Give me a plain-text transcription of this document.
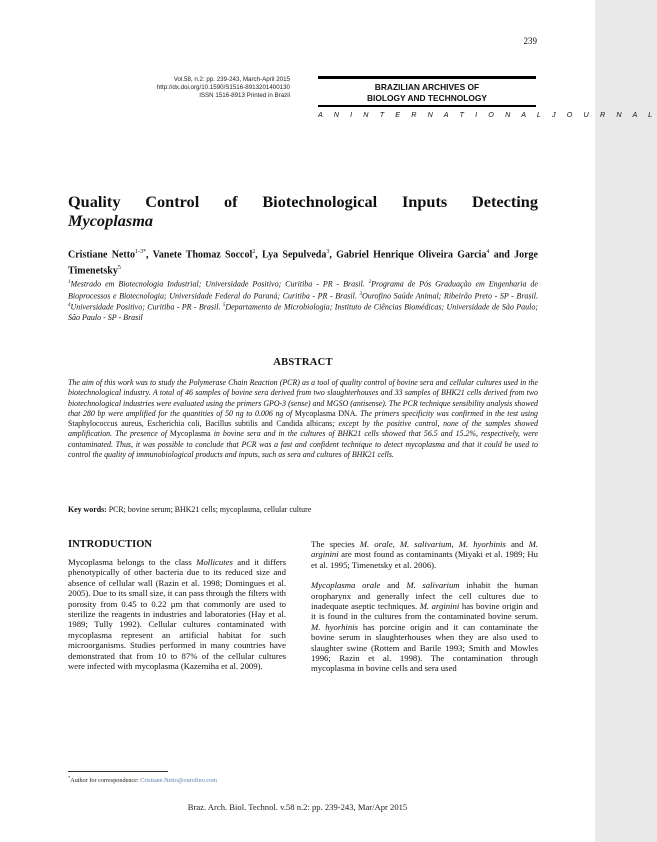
239
Vol.58, n.2: pp. 239-243, March-April 2015
http://dx.doi.org/10.1590/S1516-8913201400130
ISSN 1516-8913 Printed in Brazil
BRAZILIAN ARCHIVES OF
BIOLOGY AND TECHNOLOGY
A N I N T E R N A T I O N A L J O U R N A L
Quality Control of Biotechnological Inputs Detecting
Mycoplasma
Cristiane Netto$^{1-3*}$, Vanete Thomaz Soccol$^2$, Lya Sepulveda$^3$, Gabriel Henrique Oliveira Garcia$^4$ and Jorge Timenetsky$^5$
$^1$Mestrado em Biotecnologia Industrial; Universidade Positivo; Curitiba - PR - Brasil. $^2$Programa de Pós Graduação em Engenharia de Bioprocessos e Biotecnologia; Universidade Federal do Paraná; Curitiba - PR - Brasil. $^3$Ourofino Saúde Animal; Ribeirão Preto - SP - Brasil. $^4$Universidade Positivo; Curitiba - PR - Brasil. $^5$Departamento de Microbiologia; Instituto de Ciências Biomédicas; Universidade de São Paulo; São Paulo - SP - Brasil
ABSTRACT
The aim of this work was to study the Polymerase Chain Reaction (PCR) as a tool of quality control of bovine sera and cellular cultures used in the biotechnological industry. A total of 46 samples of bovine sera derived from two slaughterhouses and 33 samples of BHK21 cells derived from two biotechnological industries were evaluated using the primers GPO-3 (sense) and MGSO (antisense). The PCR technique sensibility analysis showed that 280 bp were amplified for the quantities of 50 ng to 0.006 ng of Mycoplasma DNA. The primers specificity was confirmed in the test using Staphylococcus aureus, Escherichia coli, Bacillus subtilis and Candida albicans; except by the positive control, none of the samples showed amplification. The presence of Mycoplasma in bovine sera and in the cultures of BHK21 cells showed that 56.5 and 15.2%, respectively, were contaminated. Thus, it was possible to conclude that PCR was a fast and confident technique to detect mycoplasma and that it could be used to control the quality of immunobiological products and inputs, such as sera and cultures of BHK21 cells.
Key words: PCR; bovine serum; BHK21 cells; mycoplasma, cellular culture
INTRODUCTION

Mycoplasma belongs to the class Mollicutes and it differs phenotypically of other bacteria due to its reduced size and absence of cellular wall (Razin et al. 1998; Domingues et al. 2005). Due to its small size, it can pass through the filters with porosity from 0.45 to 0.22 µm that commonly are used to sterilize the reagents in industries and laboratories (Hay et al. 1989; Tully 1992). Cellular cultures contaminated with mycoplasma represent an artificial habitat for such microorganisms. Studies performed in many countries have demonstrated that from 10 to 87% of the cellular cultures were infected with mycoplasma (Kazemiha et al. 2009).

The species M. orale, M. salivarium, M. hyorhinis and M. arginini are most found as contaminants (Miyaki et al. 1989; Hu et al. 1995; Timenetsky et al. 2006).

Mycoplasma orale and M. salivarium inhabit the human oropharynx and generally infect the cell cultures due to inadequate aseptic techniques. M. arginini has bovine origin and it is found in the cultures from the contaminated bovine serum. M. hyorhinis has porcine origin and it can contaminate the bovine serum in slaughterhouses when they are also used to slaughter swine (Rottem and Barile 1993; Smith and Mowles 1996; Razin et al. 1998). The contamination through mycoplasma in bovine cells and sera used

*Author for correspondence: Cristiane.Netto@ourofino.com
Braz. Arch. Biol. Technol. v.58 n.2: pp. 239-243, Mar/Apr 2015
